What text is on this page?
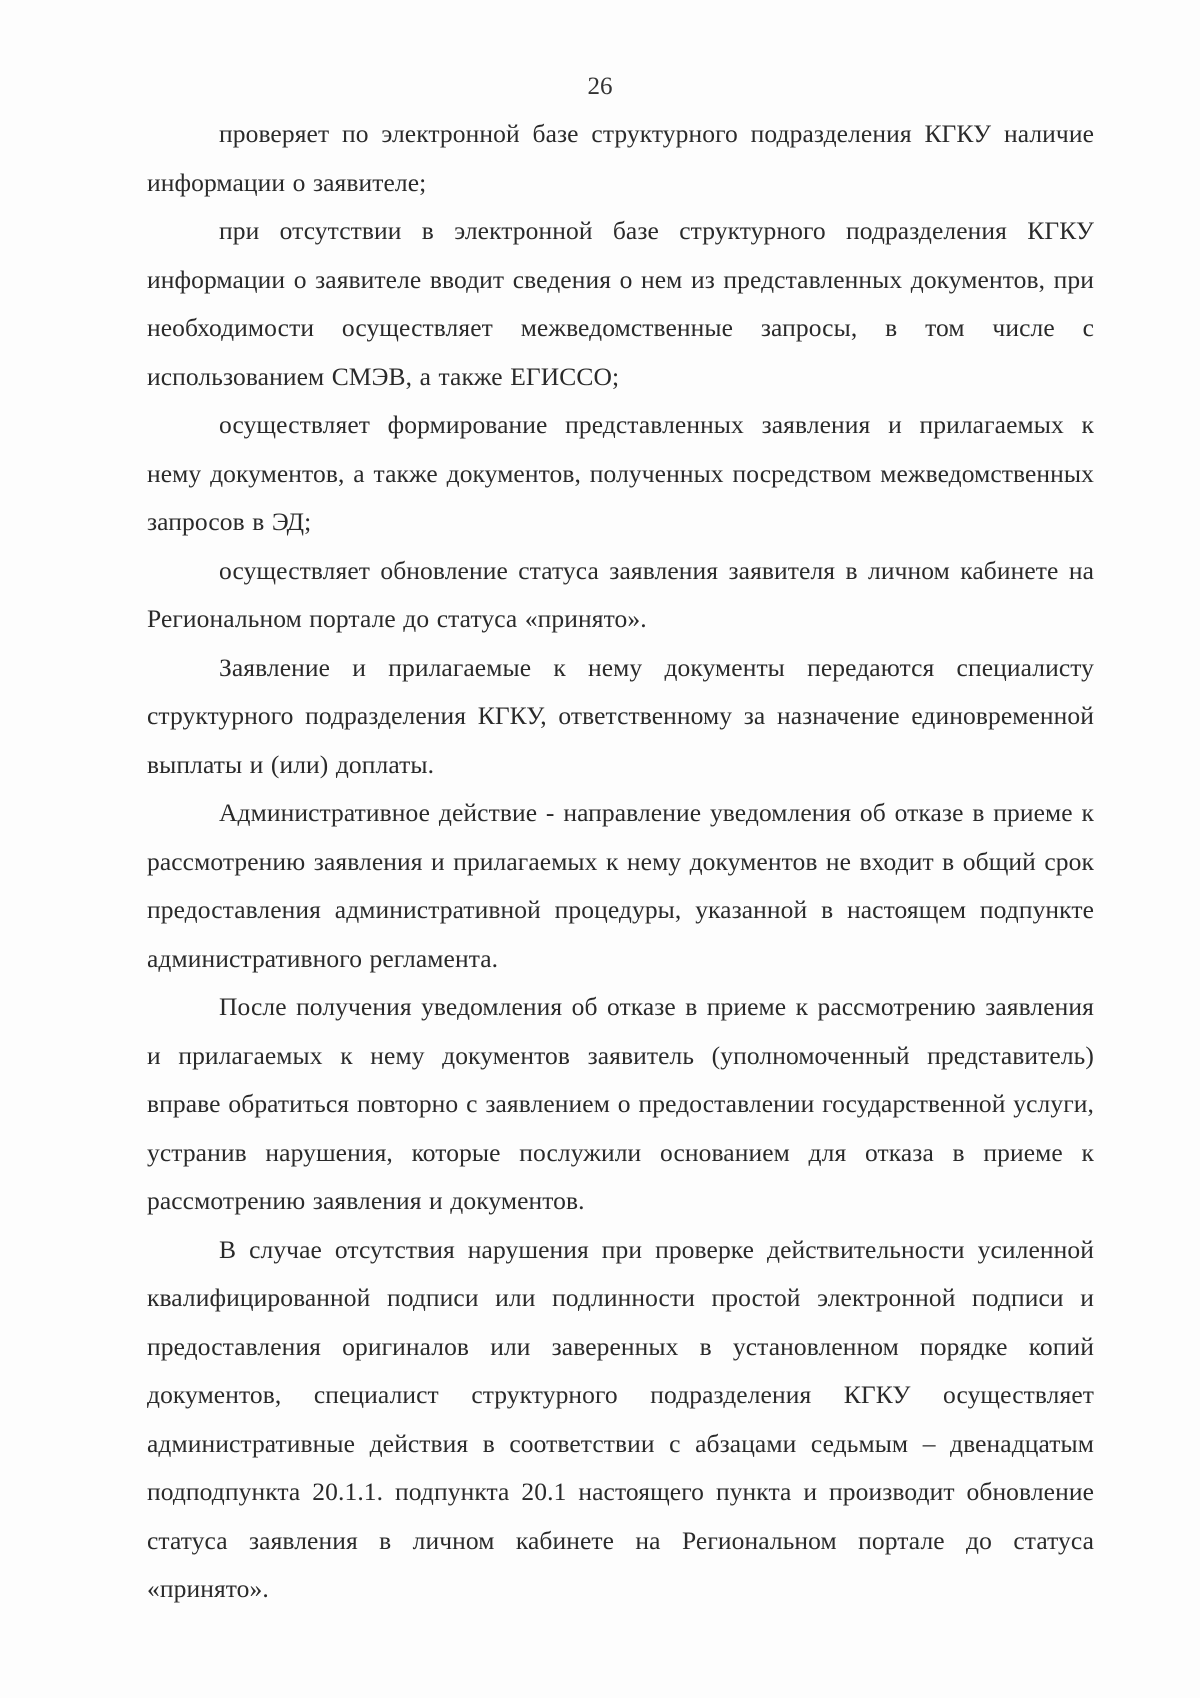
26

проверяет по электронной базе структурного подразделения КГКУ наличие информации о заявителе;

при отсутствии в электронной базе структурного подразделения КГКУ информации о заявителе вводит сведения о нем из представленных документов, при необходимости осуществляет межведомственные запросы, в том числе с использованием СМЭВ, а также ЕГИССО;

осуществляет формирование представленных заявления и прилагаемых к нему документов, а также документов, полученных посредством межведомственных запросов в ЭД;

осуществляет обновление статуса заявления заявителя в личном кабинете на Региональном портале до статуса «принято».

Заявление и прилагаемые к нему документы передаются специалисту структурного подразделения КГКУ, ответственному за назначение единовременной выплаты и (или) доплаты.

Административное действие - направление уведомления об отказе в приеме к рассмотрению заявления и прилагаемых к нему документов не входит в общий срок предоставления административной процедуры, указанной в настоящем подпункте административного регламента.

После получения уведомления об отказе в приеме к рассмотрению заявления и прилагаемых к нему документов заявитель (уполномоченный представитель) вправе обратиться повторно с заявлением о предоставлении государственной услуги, устранив нарушения, которые послужили основанием для отказа в приеме к рассмотрению заявления и документов.

В случае отсутствия нарушения при проверке действительности усиленной квалифицированной подписи или подлинности простой электронной подписи и предоставления оригиналов или заверенных в установленном порядке копий документов, специалист структурного подразделения КГКУ осуществляет административные действия в соответствии с абзацами седьмым – двенадцатым подподпункта 20.1.1. подпункта 20.1 настоящего пункта и производит обновление статуса заявления в личном кабинете на Региональном портале до статуса «принято».
